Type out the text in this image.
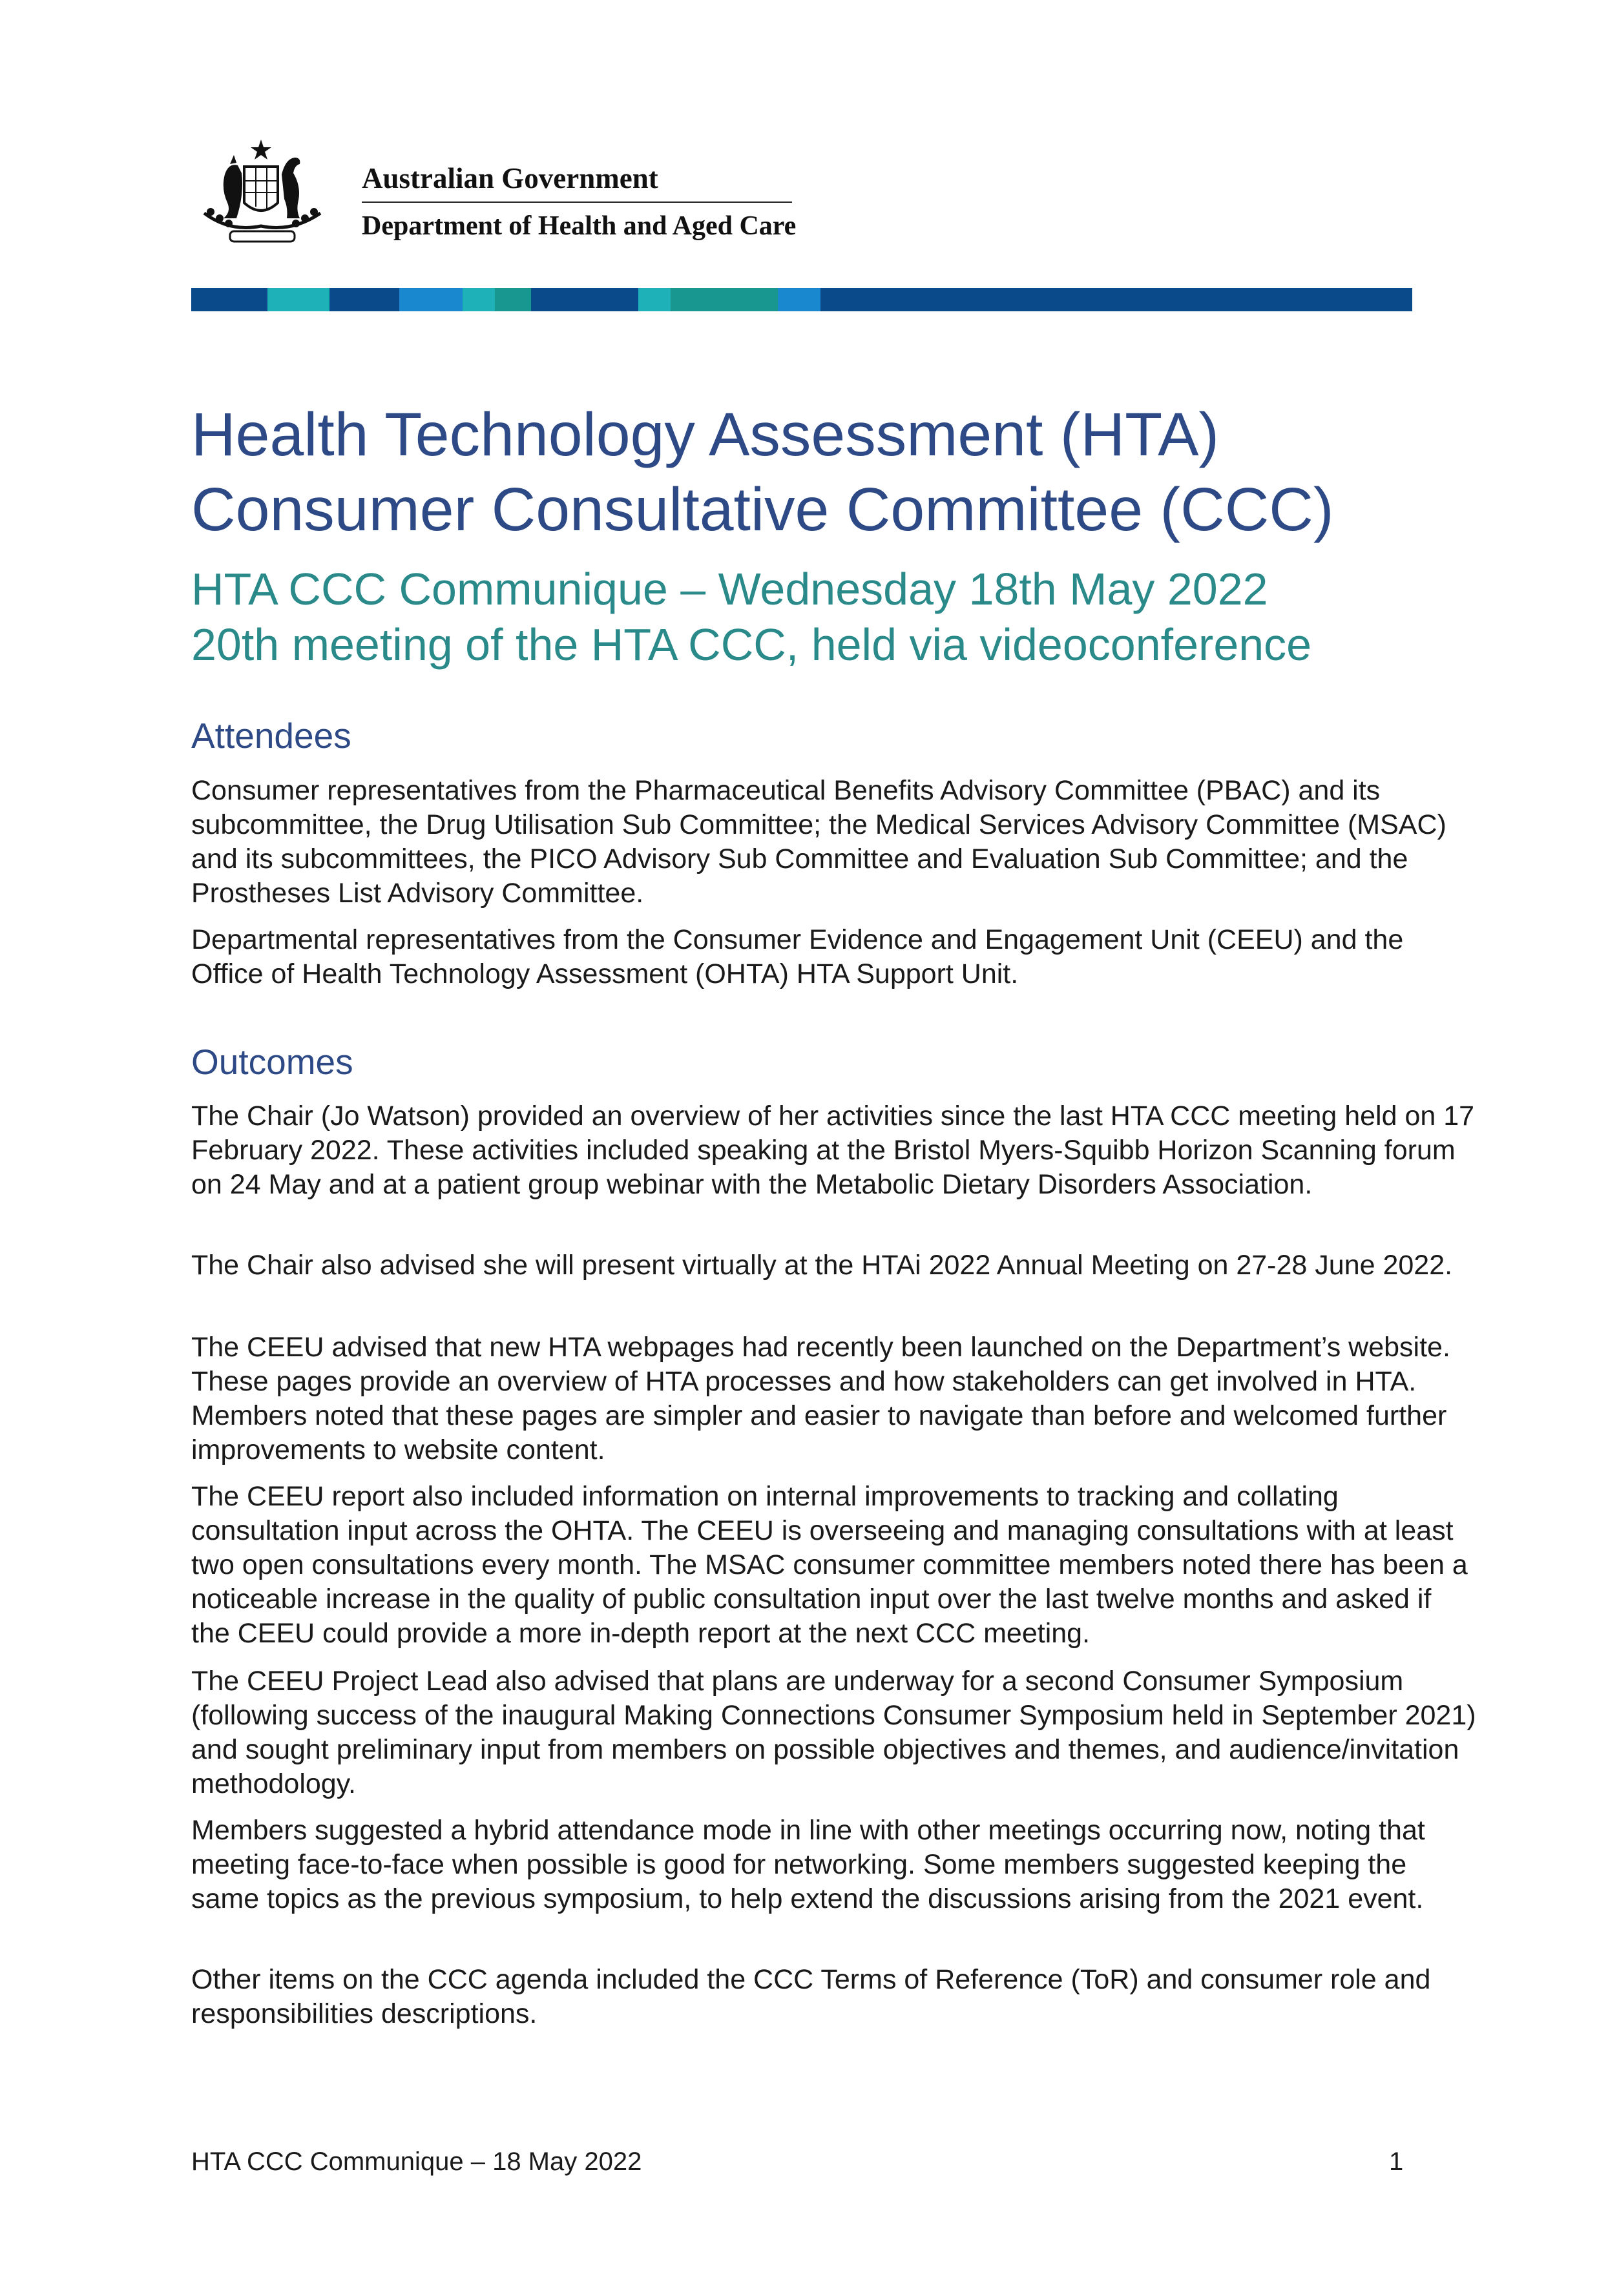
Australian Government
Department of Health and Aged Care
Health Technology Assessment (HTA)
Consumer Consultative Committee (CCC)
HTA CCC Communique – Wednesday 18th May 2022
20th meeting of the HTA CCC, held via videoconference
Attendees

Consumer representatives from the Pharmaceutical Benefits Advisory Committee (PBAC) and its subcommittee, the Drug Utilisation Sub Committee; the Medical Services Advisory Committee (MSAC) and its subcommittees, the PICO Advisory Sub Committee and Evaluation Sub Committee; and the Prostheses List Advisory Committee.

Departmental representatives from the Consumer Evidence and Engagement Unit (CEEU) and the Office of Health Technology Assessment (OHTA) HTA Support Unit.

Outcomes

The Chair (Jo Watson) provided an overview of her activities since the last HTA CCC meeting held on 17 February 2022. These activities included speaking at the Bristol Myers-Squibb Horizon Scanning forum on 24 May and at a patient group webinar with the Metabolic Dietary Disorders Association.

The Chair also advised she will present virtually at the HTAi 2022 Annual Meeting on 27-28 June 2022.

The CEEU advised that new HTA webpages had recently been launched on the Department’s website. These pages provide an overview of HTA processes and how stakeholders can get involved in HTA. Members noted that these pages are simpler and easier to navigate than before and welcomed further improvements to website content.

The CEEU report also included information on internal improvements to tracking and collating consultation input across the OHTA. The CEEU is overseeing and managing consultations with at least two open consultations every month. The MSAC consumer committee members noted there has been a noticeable increase in the quality of public consultation input over the last twelve months and asked if the CEEU could provide a more in-depth report at the next CCC meeting.

The CEEU Project Lead also advised that plans are underway for a second Consumer Symposium (following success of the inaugural Making Connections Consumer Symposium held in September 2021) and sought preliminary input from members on possible objectives and themes, and audience/invitation methodology.

Members suggested a hybrid attendance mode in line with other meetings occurring now, noting that meeting face-to-face when possible is good for networking. Some members suggested keeping the same topics as the previous symposium, to help extend the discussions arising from the 2021 event.

Other items on the CCC agenda included the CCC Terms of Reference (ToR) and consumer role and responsibilities descriptions.

HTA CCC Communique – 18 May 2022	1
